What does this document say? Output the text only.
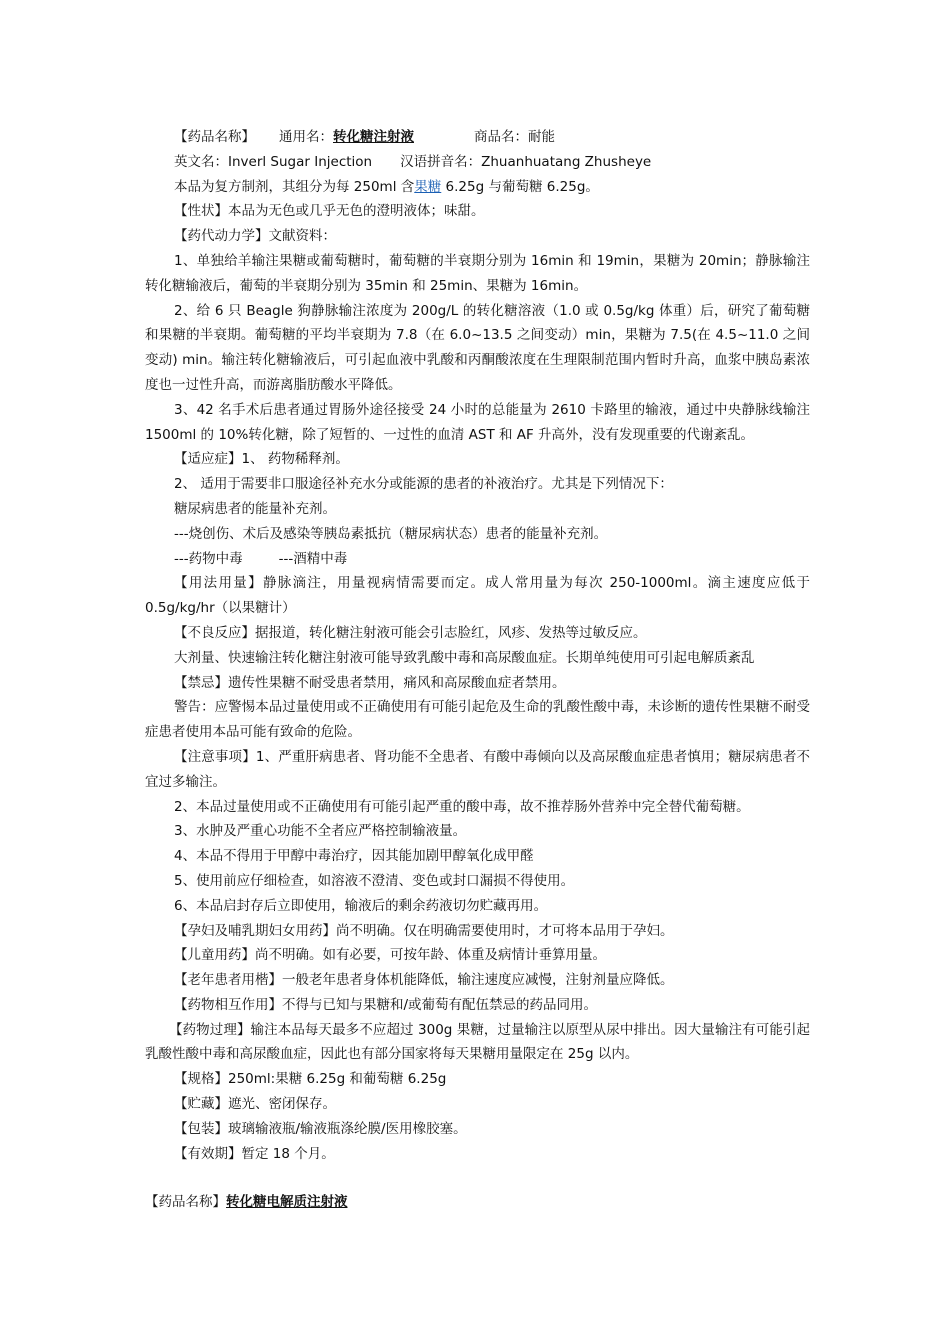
【药品名称】 通用名：转化糖注射液	商品名：耐能

英文名：Inverl Sugar Injection 汉语拼音名：Zhuanhuatang Zhusheye

本品为复方制剂，其组分为每 250ml 含果糖 6.25g 与葡萄糖 6.25g。

【性状】本品为无色或几乎无色的澄明液体；味甜。

【药代动力学】文献资料：

1、单独给羊输注果糖或葡萄糖时，葡萄糖的半衰期分别为 16min 和 19min，果糖为 20min；静脉输注转化糖输液后，葡萄的半衰期分别为 35min 和 25min、果糖为 16min。

2、给 6 只 Beagle 狗静脉输注浓度为 200g/L 的转化糖溶液（1.0 或 0.5g/kg 体重）后，研究了葡萄糖和果糖的半衰期。葡萄糖的平均半衰期为 7.8（在 6.0~13.5 之间变动）min，果糖为 7.5(在 4.5~11.0 之间变动) min。输注转化糖输液后，可引起血液中乳酸和丙酮酸浓度在生理限制范围内暂时升高，血浆中胰岛素浓度也一过性升高，而游离脂肪酸水平降低。

3、42 名手术后患者通过胃肠外途径接受 24 小时的总能量为 2610 卡路里的输液，通过中央静脉线输注 1500ml 的 10%转化糖，除了短暂的、一过性的血清 AST 和 AF 升高外，没有发现重要的代谢紊乱。

【适应症】1、 药物稀释剂。

2、 适用于需要非口服途径补充水分或能源的患者的补液治疗。尤其是下列情况下：

糖尿病患者的能量补充剂。

---烧创伤、术后及感染等胰岛素抵抗（糖尿病状态）患者的能量补充剂。

---药物中毒	---酒精中毒

【用法用量】静脉滴注，用量视病情需要而定。成人常用量为每次 250-1000ml。滴主速度应低于 0.5g/kg/hr（以果糖计）

【不良反应】据报道，转化糖注射液可能会引志脸红，风疹、发热等过敏反应。

大剂量、快速输注转化糖注射液可能导致乳酸中毒和高尿酸血症。长期单纯使用可引起电解质紊乱

【禁忌】遗传性果糖不耐受患者禁用，痛风和高尿酸血症者禁用。

警告：应警惕本品过量使用或不正确使用有可能引起危及生命的乳酸性酸中毒，未诊断的遗传性果糖不耐受症患者使用本品可能有致命的危险。

【注意事项】1、严重肝病患者、肾功能不全患者、有酸中毒倾向以及高尿酸血症患者慎用；糖尿病患者不宜过多输注。

2、本品过量使用或不正确使用有可能引起严重的酸中毒，故不推荐肠外营养中完全替代葡萄糖。

3、水肿及严重心功能不全者应严格控制输液量。

4、本品不得用于甲醇中毒治疗，因其能加剧甲醇氧化成甲醛

5、使用前应仔细检查，如溶液不澄清、变色或封口漏损不得使用。

6、本品启封存后立即使用，输液后的剩余药液切勿贮藏再用。

【孕妇及哺乳期妇女用药】尚不明确。仅在明确需要使用时，才可将本品用于孕妇。

【儿童用药】尚不明确。如有必要，可按年龄、体重及病情计垂算用量。

【老年患者用楷】一般老年患者身体机能降低，输注速度应减慢，注射剂量应降低。

【药物相互作用】不得与已知与果糖和/或葡萄有配伍禁忌的药品同用。

【药物过理】输注本品每天最多不应超过 300g 果糖，过量输注以原型从尿中排出。因大量输注有可能引起乳酸性酸中毒和高尿酸血症，因此也有部分国家将每天果糖用量限定在 25g 以内。

【规格】250ml:果糖 6.25g 和葡萄糖 6.25g

【贮藏】遮光、密闭保存。

【包装】玻璃输液瓶/输液瓶涤纶膜/医用橡胶塞。

【有效期】暂定 18 个月。

【药品名称】转化糖电解质注射液
